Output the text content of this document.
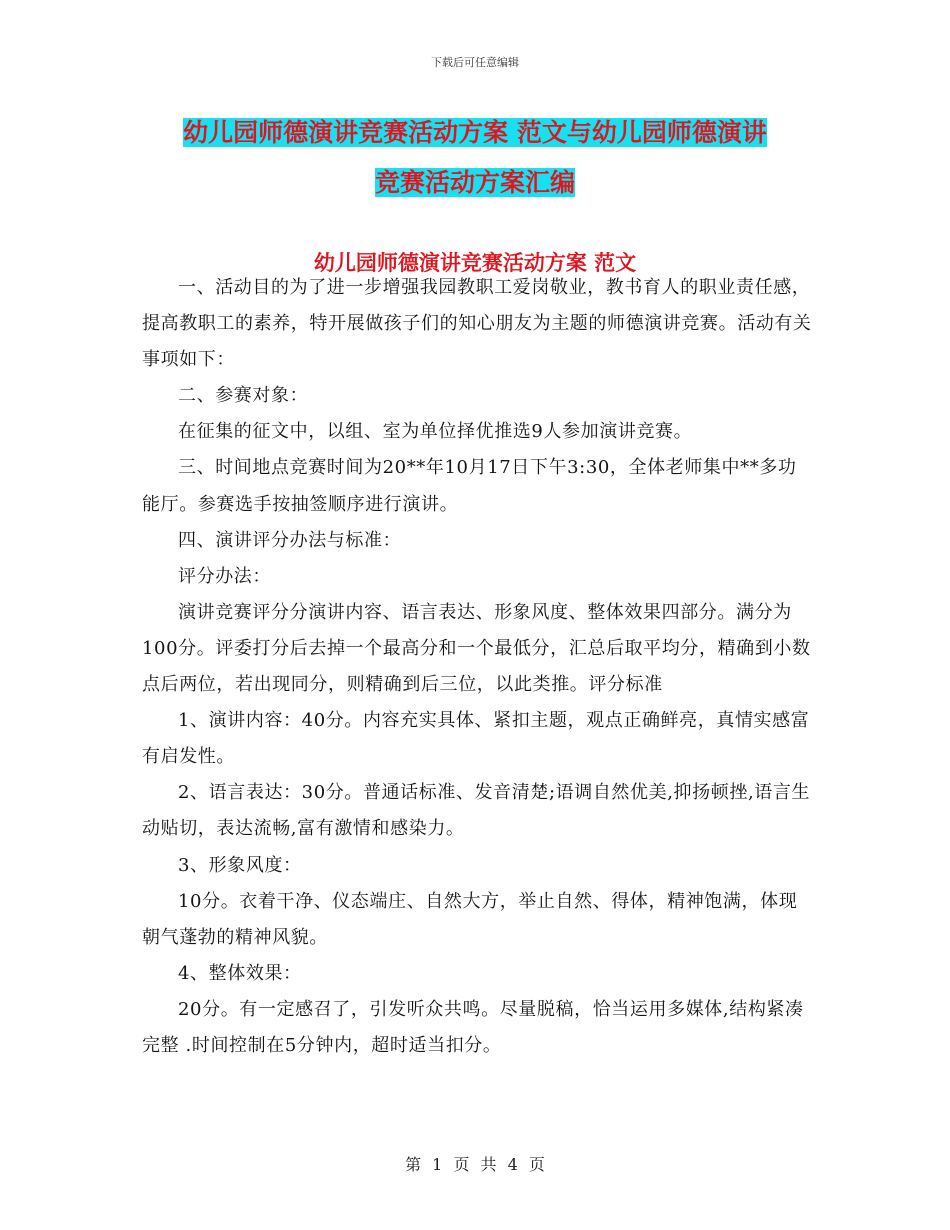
下载后可任意编辑
幼儿园师德演讲竞赛活动方案 范文与幼儿园师德演讲
竞赛活动方案汇编
幼儿园师德演讲竞赛活动方案 范文

一、活动目的为了进一步增强我园教职工爱岗敬业，教书育人的职业责任感，提高教职工的素养，特开展做孩子们的知心朋友为主题的师德演讲竞赛。活动有关事项如下：

二、参赛对象：

在征集的征文中，以组、室为单位择优推选9人参加演讲竞赛。

三、时间地点竞赛时间为20**年10月17日下午3:30，全体老师集中**多功能厅。参赛选手按抽签顺序进行演讲。

四、演讲评分办法与标准：

评分办法：

演讲竞赛评分分演讲内容、语言表达、形象风度、整体效果四部分。满分为100分。评委打分后去掉一个最高分和一个最低分，汇总后取平均分，精确到小数点后两位，若出现同分，则精确到后三位，以此类推。评分标准

1、演讲内容：40分。内容充实具体、紧扣主题，观点正确鲜亮，真情实感富有启发性。

2、语言表达：30分。普通话标准、发音清楚;语调自然优美,抑扬顿挫,语言生动贴切，表达流畅,富有激情和感染力。

3、形象风度：

10分。衣着干净、仪态端庄、自然大方，举止自然、得体，精神饱满，体现朝气蓬勃的精神风貌。

4、整体效果：

20分。有一定感召了，引发听众共鸣。尽量脱稿，恰当运用多媒体,结构紧凑完整 .时间控制在5分钟内，超时适当扣分。

第 1 页 共 4 页
